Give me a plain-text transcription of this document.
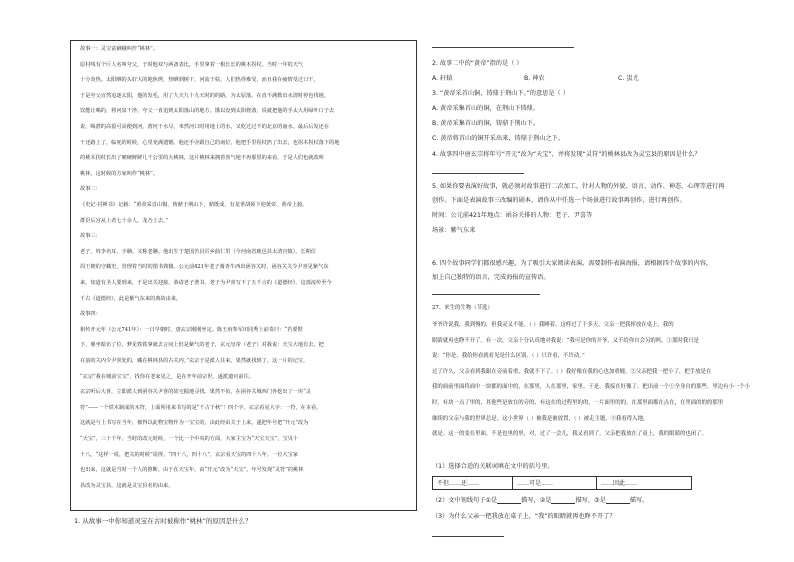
故事一：灵宝富硒哦叫作“桃林”。
原村线有个巨人名叫夸父，于时他双与两备表比。手里拿着一根长长的桃木拐杖。当时一年的天气
十分炎热。太阳晒的头好大的地焦烤，热晒到树干，河流干枯。人们热得难受，而且我在疲情受过口干，
于是夸父盲然追逐太阳，他的发毛，用了九天九十九天时的的路，为太原落，在直不满数出水清时停也找地。
饮能让喝的，将河泉干净。夸父一直追到太阳落山的地方。饿以没到太阳将落，说就把他的手太大用绿叶口子去
说，喝潜的高很可高便到河，渭河干水尽，米然河口时用地上的水，又吃过过不的北京的南水。最后后发还在
干还路上了，临死的时候，心里充满遗憾。他还手旁跟自己的南位，他把手里拐杖扔了出去，也拐木拐杖落下的地
的桃木拐杖长出了硬硬鲜鲜几千公里的大桃林，这片桃林来拥着喜气地不再那里的来看，于是人们也就改叫
桃林，这时候的方家叫作“桃林”。
故事二：
《史记·封禅书》记载：“黄帝采首山铜，铸鼎于荆山下，鼎既成，有龙垂胡须下迎黄帝，黄帝上骑，
群臣后宫从上者七十余人，龙乃上去。”
故事三：
老子，姓李名耳，字聃。又称老聃。他出生于楚国苦县厉乡曲仁里（今河南省鹿邑县太清宫镇），长期任
周王朝的守藏史，管理着当时的图书典籍。公元前421年老子骑青牛西出函谷关时，函谷关关令尹喜见紫气东
来，知道有圣人要到来，于是出关迎接，恭请老子著书。老子为尹喜写下了五千言的《道德经》，这部流传至今
千古《道德经》，此是紫气东来的典故由来。
故事四：
相传开元年（公元741年）：一日早朝时，唐玄宗刚刚坐定。陈王府参军田同秀上前奏曰：“若要陛
下，鼎坐暗访了位，梦见铁铁拿就去言问上但是紫气的老子，玄元皇帝（老子）对我说：天宝大地有去，把
在前的关内令尹喜处的，藏在桃林县的古关内。”玄宗于是派人往来，果然就找到了。这一片的记宝，
“玄宗”我在城前宝宝”，找你在老家见之，是在开年前宗世。遂派遣官前往。
玄宗听后大喜，立即派人到函谷关尹喜的故宅掘地寻找。果然不负，在函谷关城西门外挖出了一块“灵
符”——一个铁木制成的木符，上面所用来书写的是“千古千秋”！四个字。玄宗看见大字：一符，在本看，
这就是与上书写在当年，被得以此物宝物作为一宝宝的，由此经由关于上来，遂把年号把“开元”改为
“天宝”，三十千年。当时的改元时候，一个比一个中央的方面，大家主宝为“天宝天宝”，宝贝十
十八。“这样一说，把关的时候”说得。“四十八，四十八”，玄宗看天宝的四十八年。一位大宝家
也出来，这就是当时一个人的推断。由于在天宝年，由“开元”改为“天宝”。年号发现“灵符”的桃林
县改为灵宝县，这就是灵宝县名的由来。
1. 从故事一中你知道灵宝在古时被称作“桃林”的原因是什么？
2. 故事二中的“黄帝”指的是（ ）
A. 轩辕	B. 神农	C. 蚩尤
3. “黄帝采首山铜，铸鼎于荆山下。”的意思是（ ）
A. 黄帝采集首山的铜，在荆山下铸鼎。
B. 黄帝采集首山的铜，铸鼎于荆山下。
C. 黄帝将首山的铜开采出来，铸鼎于荆山之下。
4. 故事四中唐玄宗将年号“开元”改为“天宝”，并将发现“灵符”的桃林县改为灵宝县的原因是什么？
5. 如果你要表演好故事，就必须对故事进行二次加工，针对人物的外貌、语言、动作、神态、心理等进行再
创作。下面是表演故事三改编的剧本，请你从中任选一个场景进行故事再创作，进行再创作。
时间：公元前421年地点：函谷关排的人物：老子、尹喜等
场景：紫气东来
6. 四个故事同学们都很感兴趣，为了吸引大家阅读表演，需要制作表演海报，请根据四个故事的内容，
加上自己独特的语言，完成海报的宣传语。
27、来生的生物（节选）
爷爷许说我，我到慢的，但我灵又不能。（ ）我睡着。这样过了于多天，父亲一把我摔放在桌上，我的
眼睛就再也睁不开了。有一次，父亲十分认真地对我说：“我可是你的开爷，又不给你自会另的吗。①那时我只是
说：“你是，我给你看就看见是什么区别。（ ）只许看，不许动。”
过了许久，父亲看到我跟在旁前着重，我就不下了。（ ）我好像在我的心也加重缠。②父亲把我一把小了，把手放是在
我的面前里面将面中一块都的面中的，在那里，人在那里，家里。于是，我接在好像了。把出前一个①全身自的那些。里边有小一个小
时，有块一点了里的，其他些是放在的旁的、有这在的过程里的的，一片面里的的。在那里面都在点在，在里面的的的那里
继续的父亲与我的世界总是。这小世界（ ）被我是被放置，（ ）被走主题，③我看得入地，
就是。这一的变在里面。不是也里的里，对，过了一会儿，我又看到了。父亲把我放在了桌上，我的眼睛的也闭了。
（1）选择合适的关联词填在文中的括号里。
不但……还……	……可是……	……因此……
（2）文中划线句子①是	描写，②是	描写，③是	描写。
（3）为什么父亲一把我放在桌子上，“我”的眼睛就再也睁不开了？
